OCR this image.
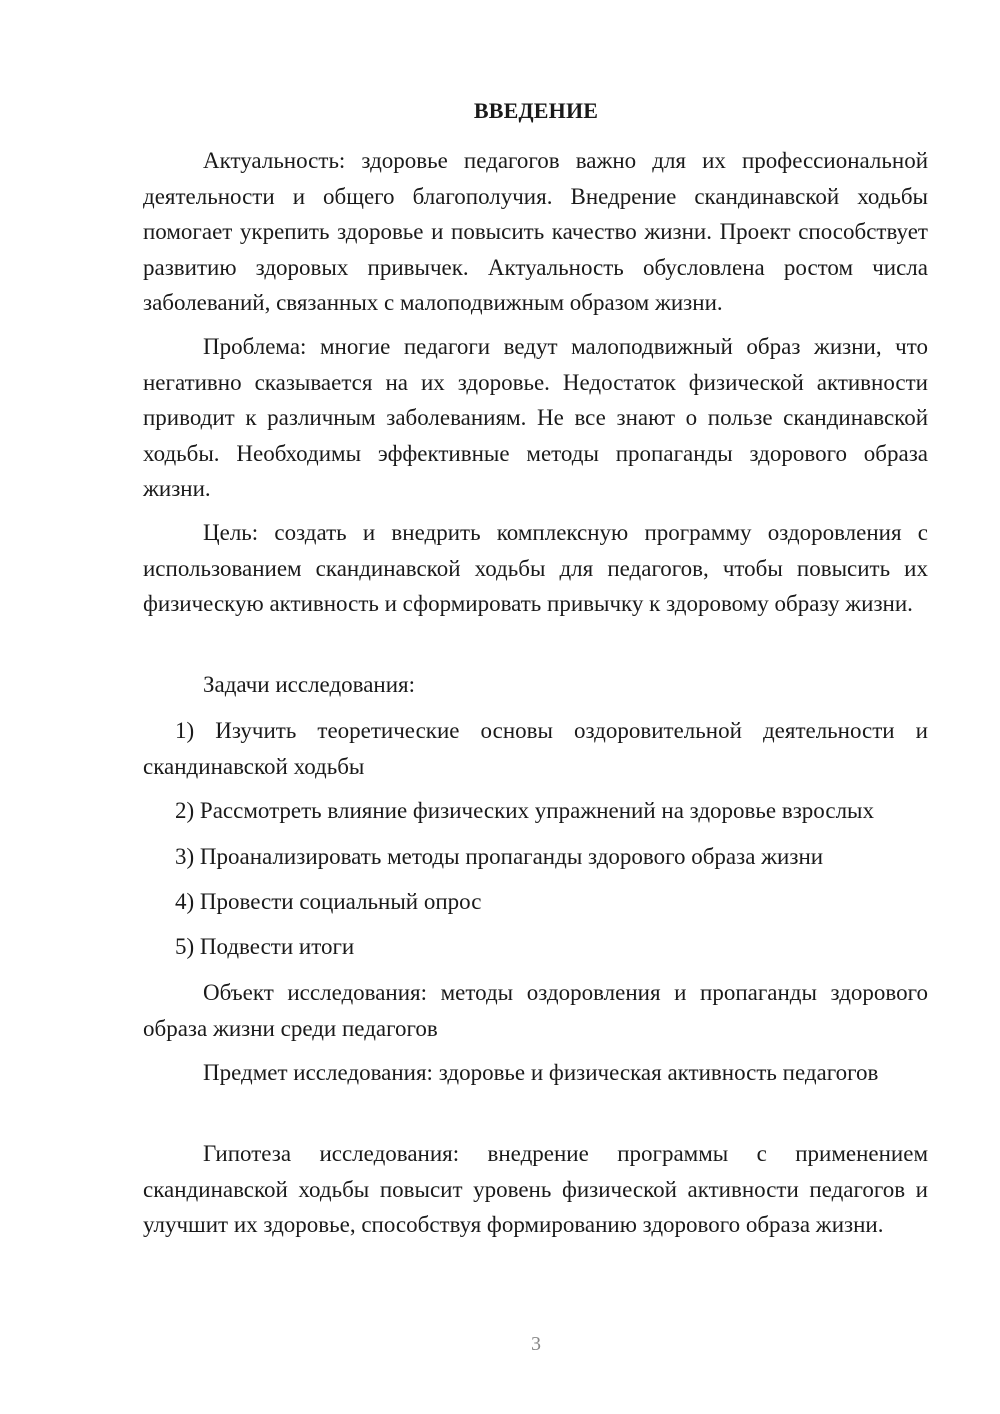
ВВЕДЕНИЕ

Актуальность: здоровье педагогов важно для их профессиональной деятельности и общего благополучия. Внедрение скандинавской ходьбы помогает укрепить здоровье и повысить качество жизни. Проект способствует развитию здоровых привычек. Актуальность обусловлена ростом числа заболеваний, связанных с малоподвижным образом жизни.

Проблема: многие педагоги ведут малоподвижный образ жизни, что негативно сказывается на их здоровье. Недостаток физической активности приводит к различным заболеваниям. Не все знают о пользе скандинавской ходьбы. Необходимы эффективные методы пропаганды здорового образа жизни.

Цель: создать и внедрить комплексную программу оздоровления с использованием скандинавской ходьбы для педагогов, чтобы повысить их физическую активность и сформировать привычку к здоровому образу жизни.

Задачи исследования:

1) Изучить теоретические основы оздоровительной деятельности и скандинавской ходьбы

2) Рассмотреть влияние физических упражнений на здоровье взрослых

3) Проанализировать методы пропаганды здорового образа жизни

4) Провести социальный опрос

5) Подвести итоги

Объект исследования: методы оздоровления и пропаганды здорового образа жизни среди педагогов

Предмет исследования: здоровье и физическая активность педагогов

Гипотеза исследования: внедрение программы с применением скандинавской ходьбы повысит уровень физической активности педагогов и улучшит их здоровье, способствуя формированию здорового образа жизни.

3
